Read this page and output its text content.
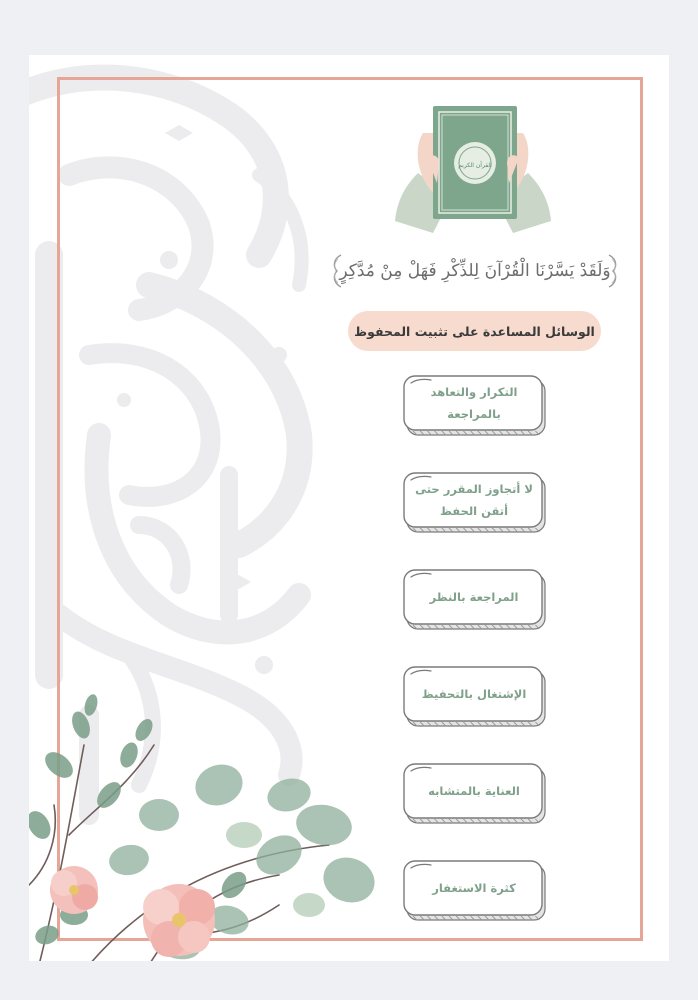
القرآن الكريم
وَلَقَدْ يَسَّرْنَا الْقُرْآنَ لِلذِّكْرِ فَهَلْ مِنْ مُدَّكِرٍ
الوسائل المساعدة على تثبيت المحفوظ
التكرار والتعاهد
بالمراجعة
لا أتجاوز المقرر حتى
أتقن الحفظ
المراجعة بالنظر
الإشتغال بالتحفيظ
العناية بالمتشابه
كثرة الاستغفار
